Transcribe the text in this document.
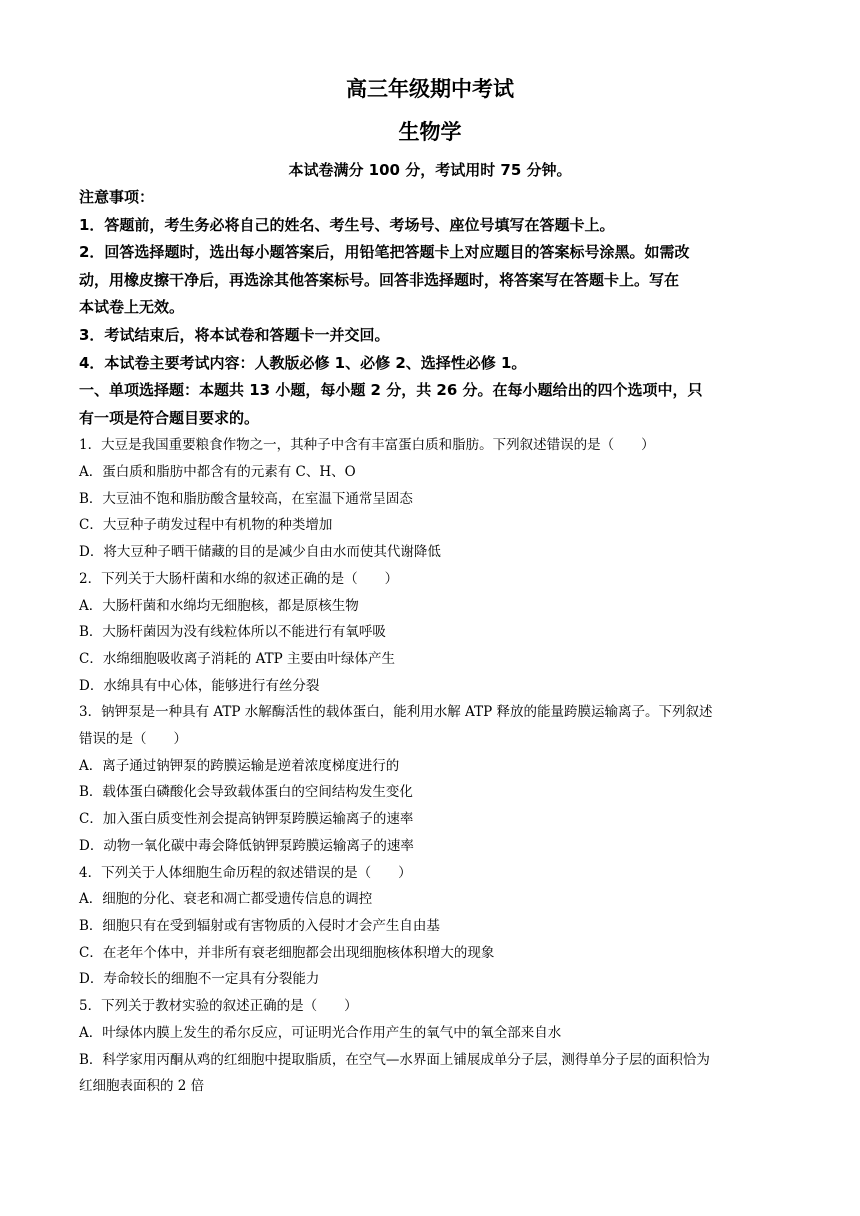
高三年级期中考试
生物学
本试卷满分 100 分，考试用时 75 分钟。
注意事项：
1．答题前，考生务必将自己的姓名、考生号、考场号、座位号填写在答题卡上。
2．回答选择题时，选出每小题答案后，用铅笔把答题卡上对应题目的答案标号涂黑。如需改
动，用橡皮擦干净后，再选涂其他答案标号。回答非选择题时，将答案写在答题卡上。写在
本试卷上无效。
3．考试结束后，将本试卷和答题卡一并交回。
4．本试卷主要考试内容：人教版必修 1、必修 2、选择性必修 1。
一、单项选择题：本题共 13 小题，每小题 2 分，共 26 分。在每小题给出的四个选项中，只
有一项是符合题目要求的。
1．大豆是我国重要粮食作物之一，其种子中含有丰富蛋白质和脂肪。下列叙述错误的是（　　）
A．蛋白质和脂肪中都含有的元素有 C、H、O
B．大豆油不饱和脂肪酸含量较高，在室温下通常呈固态
C．大豆种子萌发过程中有机物的种类增加
D．将大豆种子晒干储藏的目的是减少自由水而使其代谢降低
2．下列关于大肠杆菌和水绵的叙述正确的是（　　）
A．大肠杆菌和水绵均无细胞核，都是原核生物
B．大肠杆菌因为没有线粒体所以不能进行有氧呼吸
C．水绵细胞吸收离子消耗的 ATP 主要由叶绿体产生
D．水绵具有中心体，能够进行有丝分裂
3．钠钾泵是一种具有 ATP 水解酶活性的载体蛋白，能利用水解 ATP 释放的能量跨膜运输离子。下列叙述
错误的是（　　）
A．离子通过钠钾泵的跨膜运输是逆着浓度梯度进行的
B．载体蛋白磷酸化会导致载体蛋白的空间结构发生变化
C．加入蛋白质变性剂会提高钠钾泵跨膜运输离子的速率
D．动物一氧化碳中毒会降低钠钾泵跨膜运输离子的速率
4．下列关于人体细胞生命历程的叙述错误的是（　　）
A．细胞的分化、衰老和凋亡都受遗传信息的调控
B．细胞只有在受到辐射或有害物质的入侵时才会产生自由基
C．在老年个体中，并非所有衰老细胞都会出现细胞核体积增大的现象
D．寿命较长的细胞不一定具有分裂能力
5．下列关于教材实验的叙述正确的是（　　）
A．叶绿体内膜上发生的希尔反应，可证明光合作用产生的氧气中的氧全部来自水
B．科学家用丙酮从鸡的红细胞中提取脂质，在空气—水界面上铺展成单分子层，测得单分子层的面积恰为
红细胞表面积的 2 倍
